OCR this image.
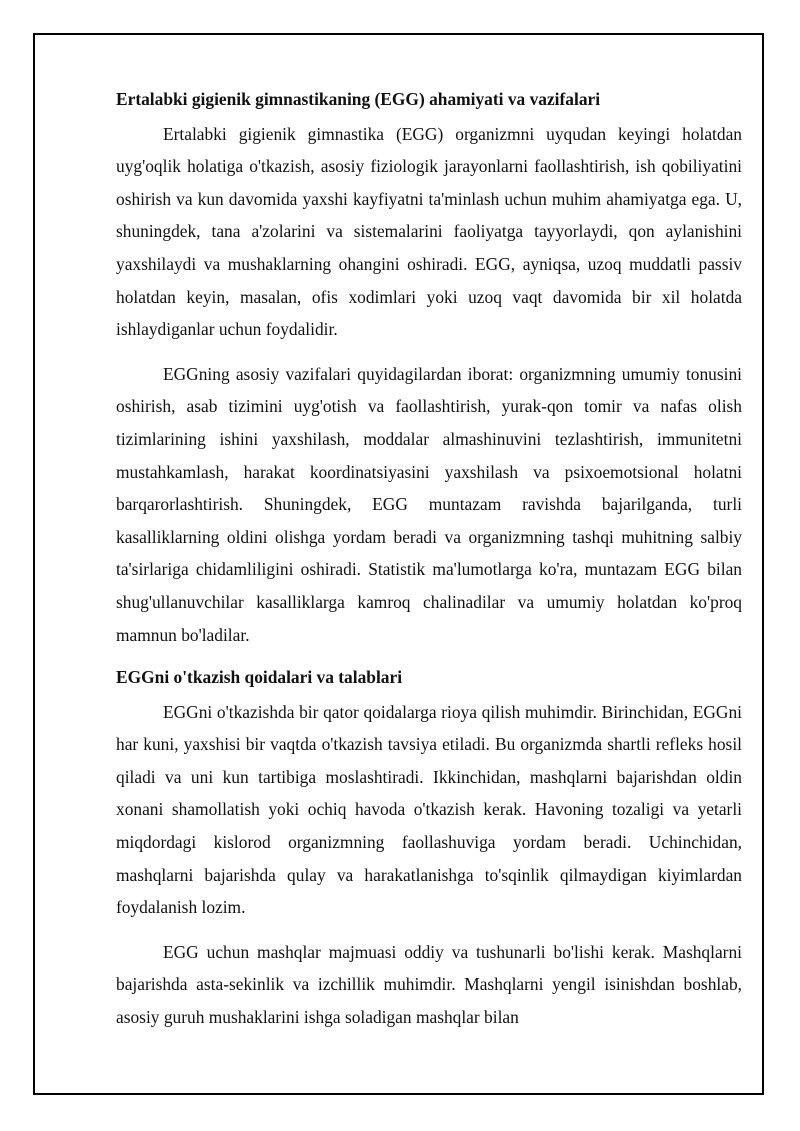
Ertalabki gigienik gimnastikaning (EGG) ahamiyati va vazifalari

Ertalabki gigienik gimnastika (EGG) organizmni uyqudan keyingi holatdan uyg'oqlik holatiga o'tkazish, asosiy fiziologik jarayonlarni faollashtirish, ish qobiliyatini oshirish va kun davomida yaxshi kayfiyatni ta'minlash uchun muhim ahamiyatga ega. U, shuningdek, tana a'zolarini va sistemalarini faoliyatga tayyorlaydi, qon aylanishini yaxshilaydi va mushaklarning ohangini oshiradi. EGG, ayniqsa, uzoq muddatli passiv holatdan keyin, masalan, ofis xodimlari yoki uzoq vaqt davomida bir xil holatda ishlaydiganlar uchun foydalidir.

EGGning asosiy vazifalari quyidagilardan iborat: organizmning umumiy tonusini oshirish, asab tizimini uyg'otish va faollashtirish, yurak-qon tomir va nafas olish tizimlarining ishini yaxshilash, moddalar almashinuvini tezlashtirish, immunitetni mustahkamlash, harakat koordinatsiyasini yaxshilash va psixoemotsional holatni barqarorlashtirish. Shuningdek, EGG muntazam ravishda bajarilganda, turli kasalliklarning oldini olishga yordam beradi va organizmning tashqi muhitning salbiy ta'sirlariga chidamliligini oshiradi. Statistik ma'lumotlarga ko'ra, muntazam EGG bilan shug'ullanuvchilar kasalliklarga kamroq chalinadilar va umumiy holatdan ko'proq mamnun bo'ladilar.

EGGni o'tkazish qoidalari va talablari

EGGni o'tkazishda bir qator qoidalarga rioya qilish muhimdir. Birinchidan, EGGni har kuni, yaxshisi bir vaqtda o'tkazish tavsiya etiladi. Bu organizmda shartli refleks hosil qiladi va uni kun tartibiga moslashtiradi. Ikkinchidan, mashqlarni bajarishdan oldin xonani shamollatish yoki ochiq havoda o'tkazish kerak. Havoning tozaligi va yetarli miqdordagi kislorod organizmning faollashuviga yordam beradi. Uchinchidan, mashqlarni bajarishda qulay va harakatlanishga to'sqinlik qilmaydigan kiyimlardan foydalanish lozim.

EGG uchun mashqlar majmuasi oddiy va tushunarli bo'lishi kerak. Mashqlarni bajarishda asta-sekinlik va izchillik muhimdir. Mashqlarni yengil isinishdan boshlab, asosiy guruh mushaklarini ishga soladigan mashqlar bilan
